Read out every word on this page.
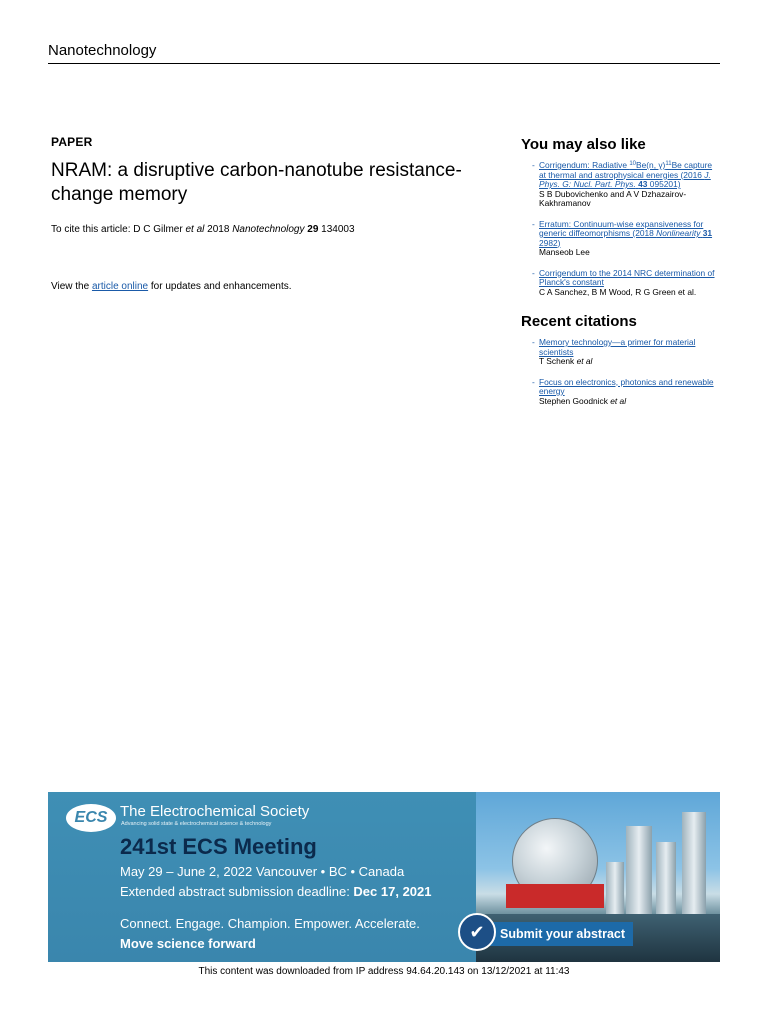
Nanotechnology
PAPER
NRAM: a disruptive carbon-nanotube resistance-change memory

To cite this article: D C Gilmer et al 2018 Nanotechnology 29 134003

View the article online for updates and enhancements.

You may also like
- Corrigendum: Radiative $^{10}$Be(n, γ)$^{11}$Be capture at thermal and astrophysical energies (2016 J. Phys. G: Nucl. Part. Phys. 43 095201)
S B Dubovichenko and A V Dzhazairov-Kakhramanov
- Erratum: Continuum-wise expansiveness for generic diffeomorphisms (2018 Nonlinearity 31 2982)
Manseob Lee
- Corrigendum to the 2014 NRC determination of Planck's constant
C A Sanchez, B M Wood, R G Green et al.
Recent citations
- Memory technology—a primer for material scientists
T Schenk et al
- Focus on electronics, photonics and renewable energy
Stephen Goodnick et al
ECS The Electrochemical Society
Advancing solid state & electrochemical science & technology
241st ECS Meeting
May 29 – June 2, 2022 Vancouver • BC • Canada
Extended abstract submission deadline: Dec 17, 2021
Connect. Engage. Champion. Empower. Accelerate.
Move science forward
Submit your abstract
✔
This content was downloaded from IP address 94.64.20.143 on 13/12/2021 at 11:43
